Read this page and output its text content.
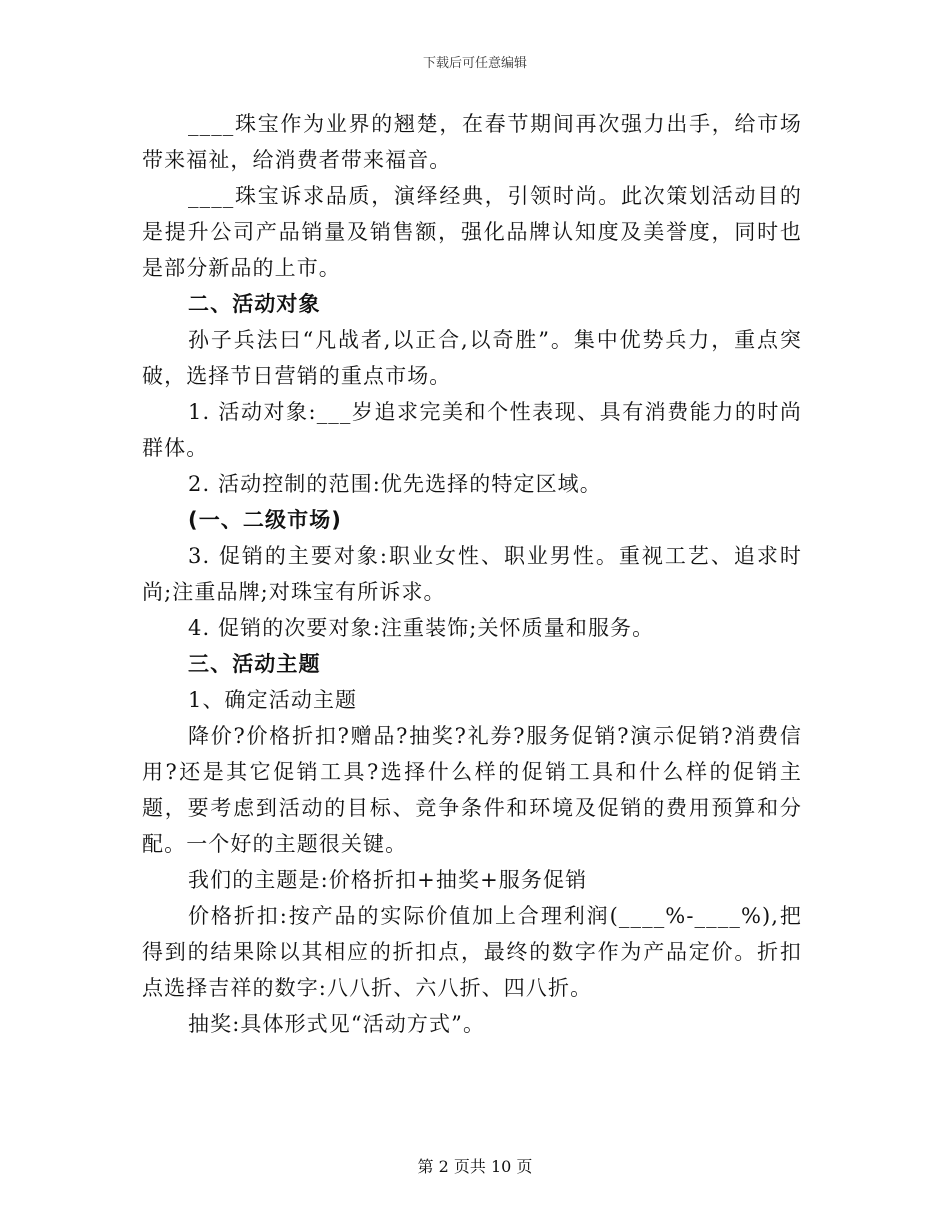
下载后可任意编辑

____珠宝作为业界的翘楚，在春节期间再次强力出手，给市场带来福祉，给消费者带来福音。

____珠宝诉求品质，演绎经典，引领时尚。此次策划活动目的是提升公司产品销量及销售额，强化品牌认知度及美誉度，同时也是部分新品的上市。

二、活动对象

孙子兵法曰“凡战者,以正合,以奇胜”。集中优势兵力，重点突破，选择节日营销的重点市场。

1. 活动对象:___岁追求完美和个性表现、具有消费能力的时尚群体。

2. 活动控制的范围:优先选择的特定区域。

(一、二级市场)

3. 促销的主要对象:职业女性、职业男性。重视工艺、追求时尚;注重品牌;对珠宝有所诉求。

4. 促销的次要对象:注重装饰;关怀质量和服务。

三、活动主题

1、确定活动主题

降价?价格折扣?赠品?抽奖?礼券?服务促销?演示促销?消费信用?还是其它促销工具?选择什么样的促销工具和什么样的促销主题，要考虑到活动的目标、竞争条件和环境及促销的费用预算和分配。一个好的主题很关键。

我们的主题是:价格折扣+抽奖+服务促销

价格折扣:按产品的实际价值加上合理利润(____%-____%),把得到的结果除以其相应的折扣点，最终的数字作为产品定价。折扣点选择吉祥的数字:八八折、六八折、四八折。

抽奖:具体形式见“活动方式”。

第 2 页共 10 页
